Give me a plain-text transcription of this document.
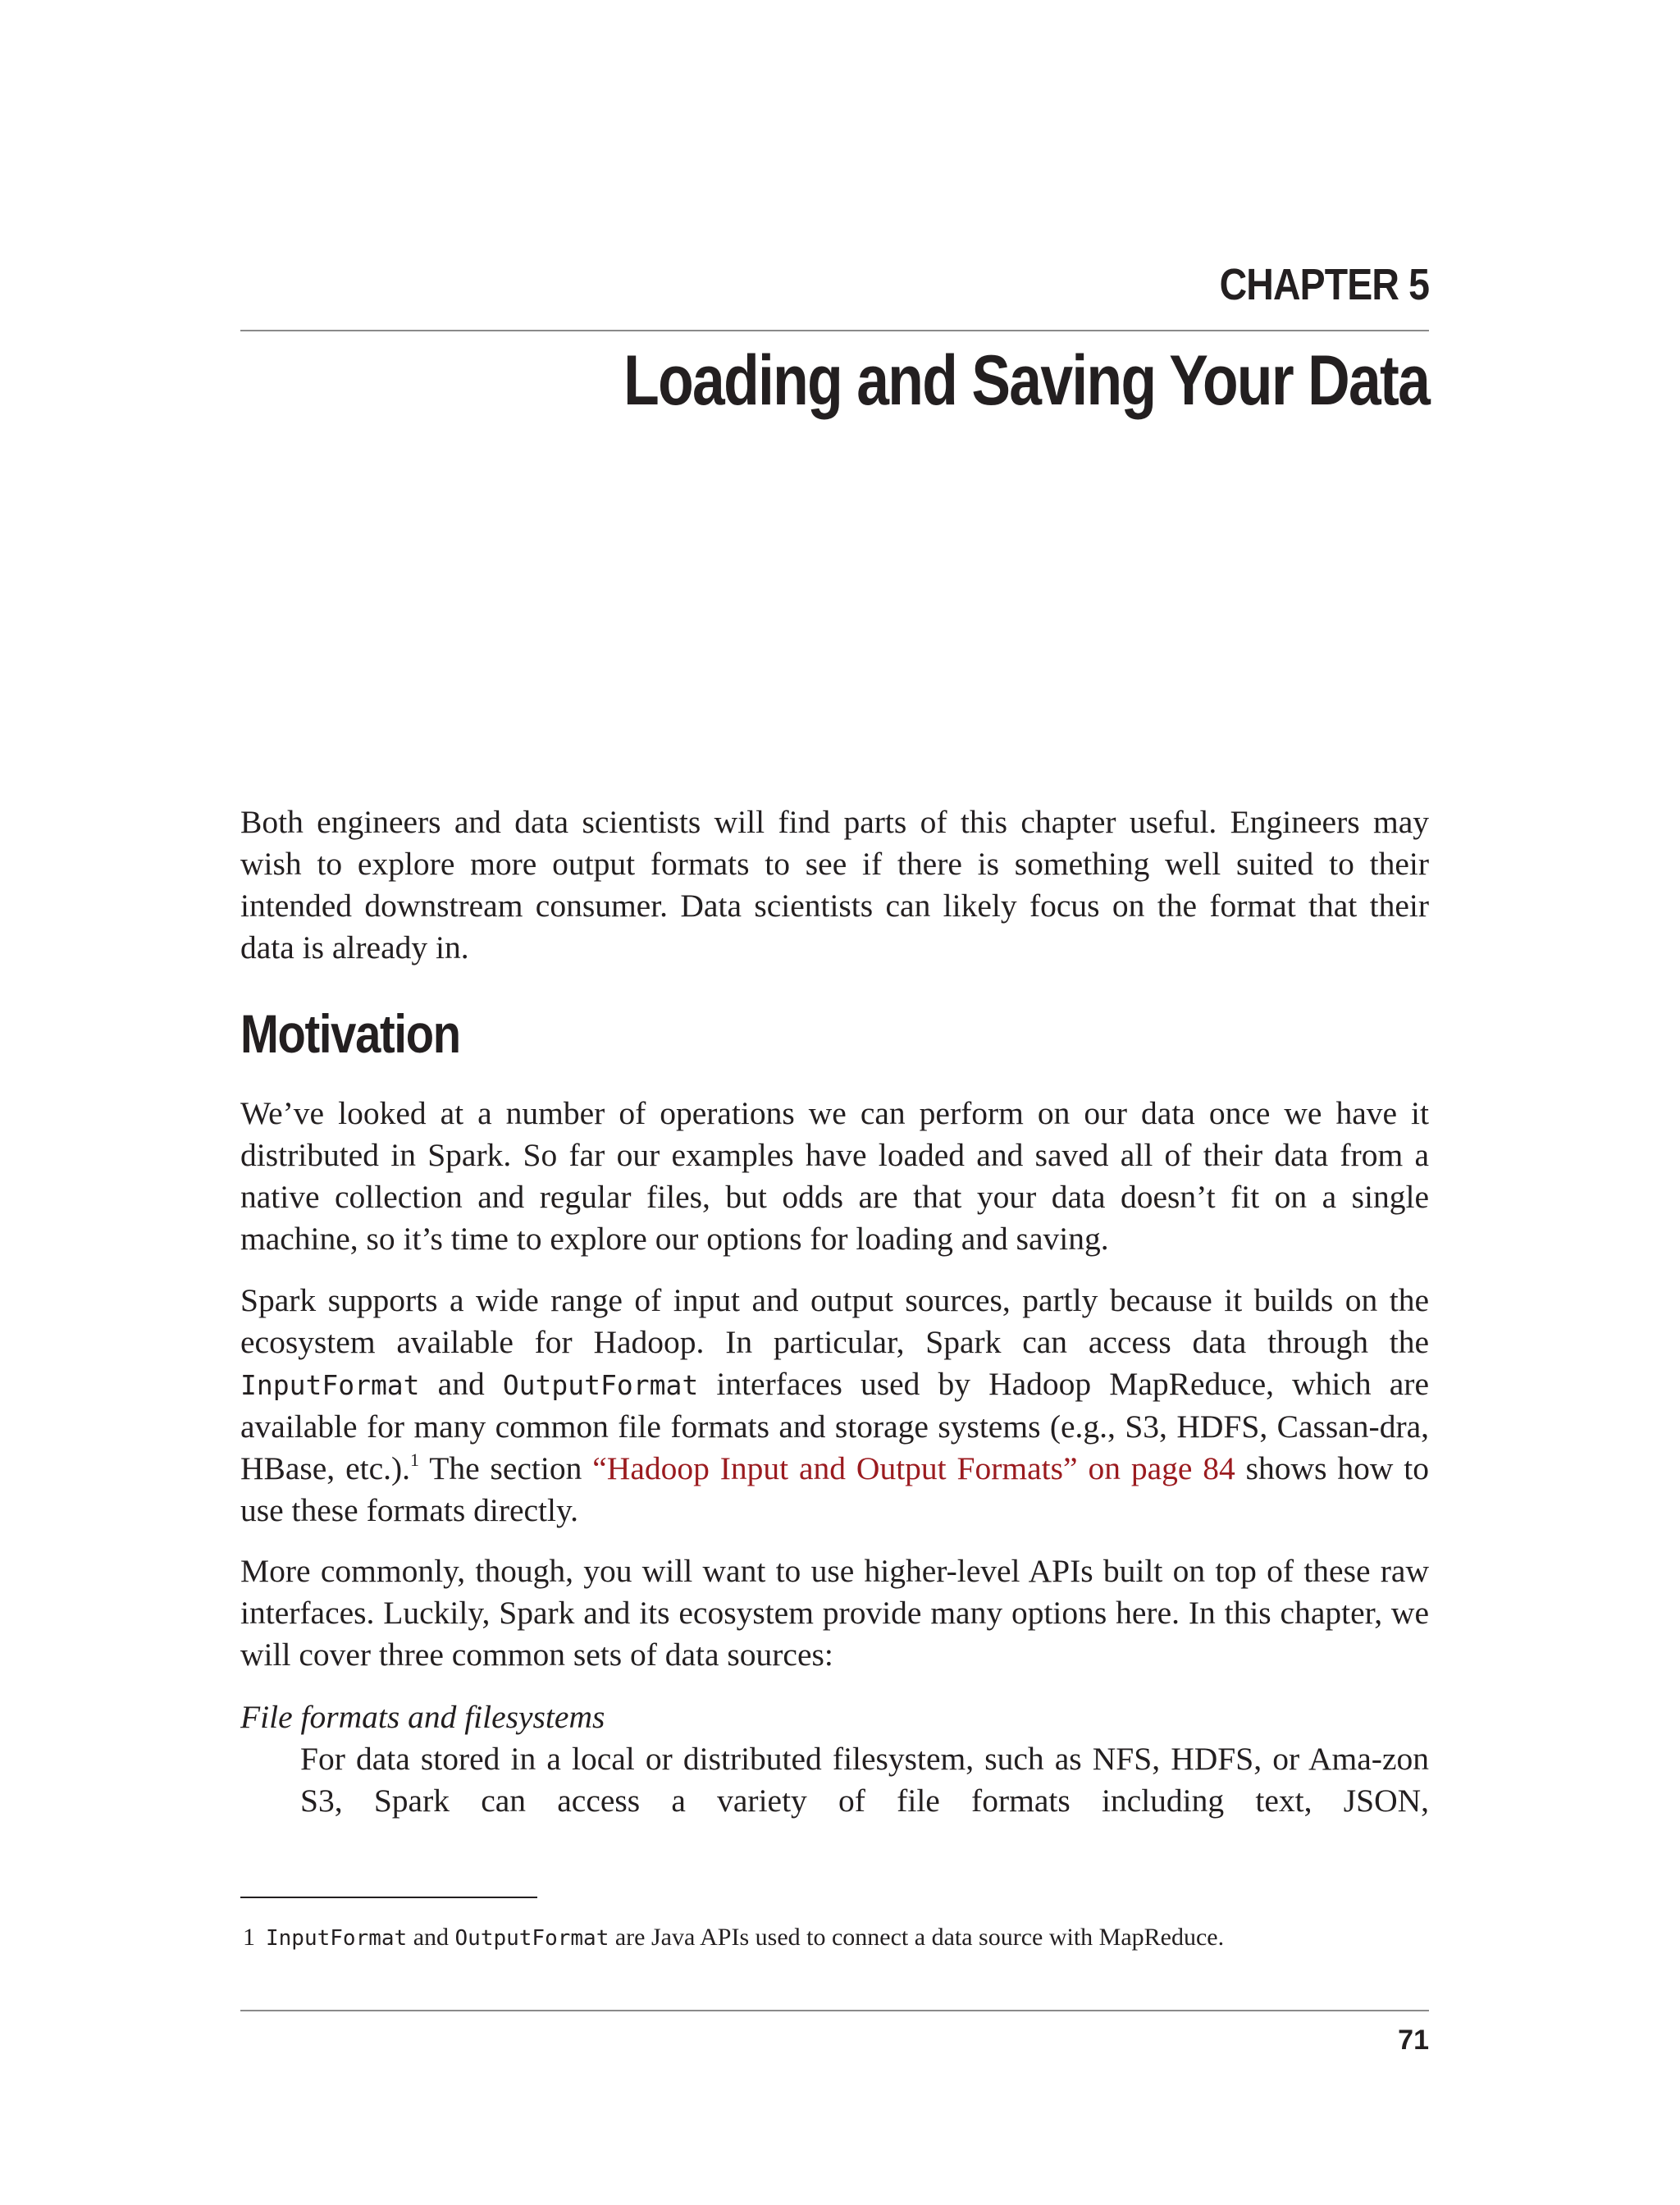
CHAPTER 5
Loading and Saving Your Data

Both engineers and data scientists will find parts of this chapter useful. Engineers may wish to explore more output formats to see if there is something well suited to their intended downstream consumer. Data scientists can likely focus on the format that their data is already in.

Motivation

We’ve looked at a number of operations we can perform on our data once we have it distributed in Spark. So far our examples have loaded and saved all of their data from a native collection and regular files, but odds are that your data doesn’t fit on a single machine, so it’s time to explore our options for loading and saving.

Spark supports a wide range of input and output sources, partly because it builds on the ecosystem available for Hadoop. In particular, Spark can access data through the InputFormat and OutputFormat interfaces used by Hadoop MapReduce, which are available for many common file formats and storage systems (e.g., S3, HDFS, Cassan-dra, HBase, etc.).$^1$ The section “Hadoop Input and Output Formats” on page 84 shows how to use these formats directly.

More commonly, though, you will want to use higher-level APIs built on top of these raw interfaces. Luckily, Spark and its ecosystem provide many options here. In this chapter, we will cover three common sets of data sources:

File formats and filesystems

For data stored in a local or distributed filesystem, such as NFS, HDFS, or Ama-zon S3, Spark can access a variety of file formats including text, JSON,

1 InputFormat and OutputFormat are Java APIs used to connect a data source with MapReduce.

71
